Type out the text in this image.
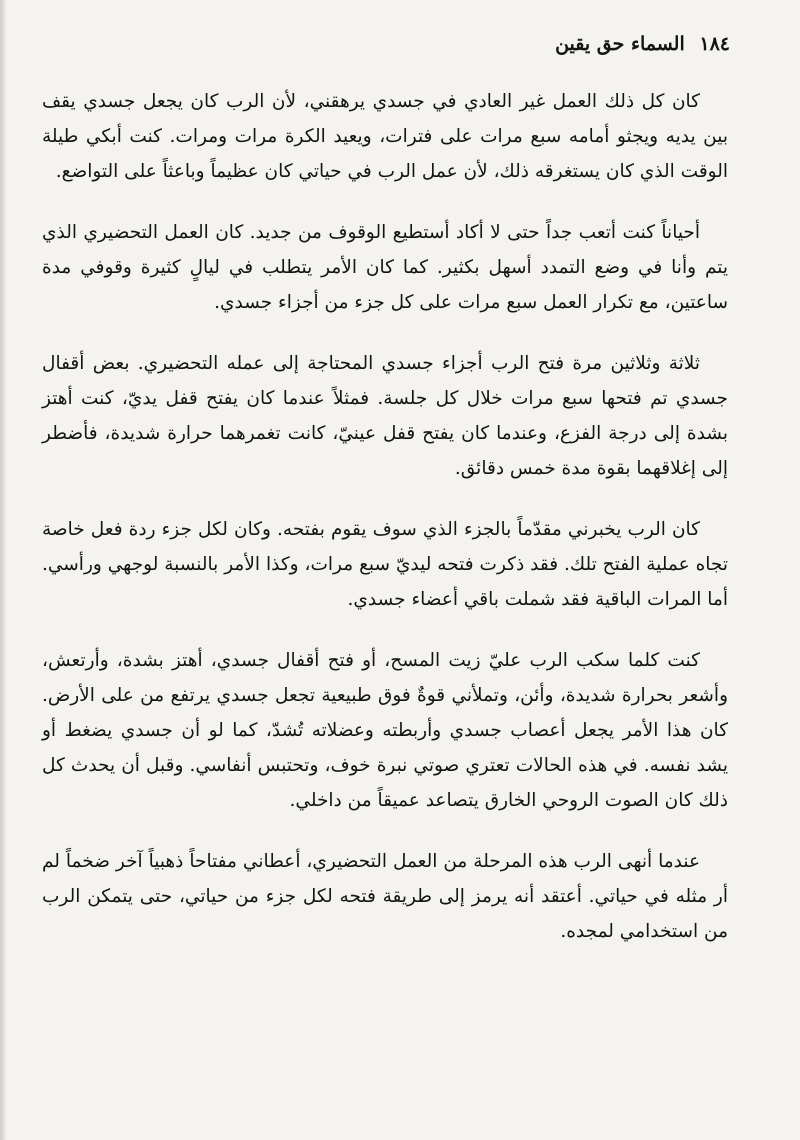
١٨٤ السماء حق يقين

كان كل ذلك العمل غير العادي في جسدي يرهقني، لأن الرب كان يجعل جسدي يقف بين يديه ويجثو أمامه سبع مرات على فترات، ويعيد الكرة مرات ومرات. كنت أبكي طيلة الوقت الذي كان يستغرقه ذلك، لأن عمل الرب في حياتي كان عظيماً وباعثاً على التواضع.

أحياناً كنت أتعب جداً حتى لا أكاد أستطيع الوقوف من جديد. كان العمل التحضيري الذي يتم وأنا في وضع التمدد أسهل بكثير. كما كان الأمر يتطلب في ليالٍ كثيرة وقوفي مدة ساعتين، مع تكرار العمل سبع مرات على كل جزء من أجزاء جسدي.

ثلاثة وثلاثين مرة فتح الرب أجزاء جسدي المحتاجة إلى عمله التحضيري. بعض أقفال جسدي تم فتحها سبع مرات خلال كل جلسة. فمثلاً عندما كان يفتح قفل يديّ، كنت أهتز بشدة إلى درجة الفزع، وعندما كان يفتح قفل عينيّ، كانت تغمرهما حرارة شديدة، فأضطر إلى إغلاقهما بقوة مدة خمس دقائق.

كان الرب يخبرني مقدّماً بالجزء الذي سوف يقوم بفتحه. وكان لكل جزء ردة فعل خاصة تجاه عملية الفتح تلك. فقد ذكرت فتحه ليديّ سبع مرات، وكذا الأمر بالنسبة لوجهي ورأسي. أما المرات الباقية فقد شملت باقي أعضاء جسدي.

كنت كلما سكب الرب عليّ زيت المسح، أو فتح أقفال جسدي، أهتز بشدة، وأرتعش، وأشعر بحرارة شديدة، وأئن، وتملأني قوةٌ فوق طبيعية تجعل جسدي يرتفع من على الأرض. كان هذا الأمر يجعل أعصاب جسدي وأربطته وعضلاته تُشدّ، كما لو أن جسدي يضغط أو يشد نفسه. في هذه الحالات تعتري صوتي نبرة خوف، وتحتبس أنفاسي. وقبل أن يحدث كل ذلك كان الصوت الروحي الخارق يتصاعد عميقاً من داخلي.

عندما أنهى الرب هذه المرحلة من العمل التحضيري، أعطاني مفتاحاً ذهبياً آخر ضخماً لم أر مثله في حياتي. أعتقد أنه يرمز إلى طريقة فتحه لكل جزء من حياتي، حتى يتمكن الرب من استخدامي لمجده.
